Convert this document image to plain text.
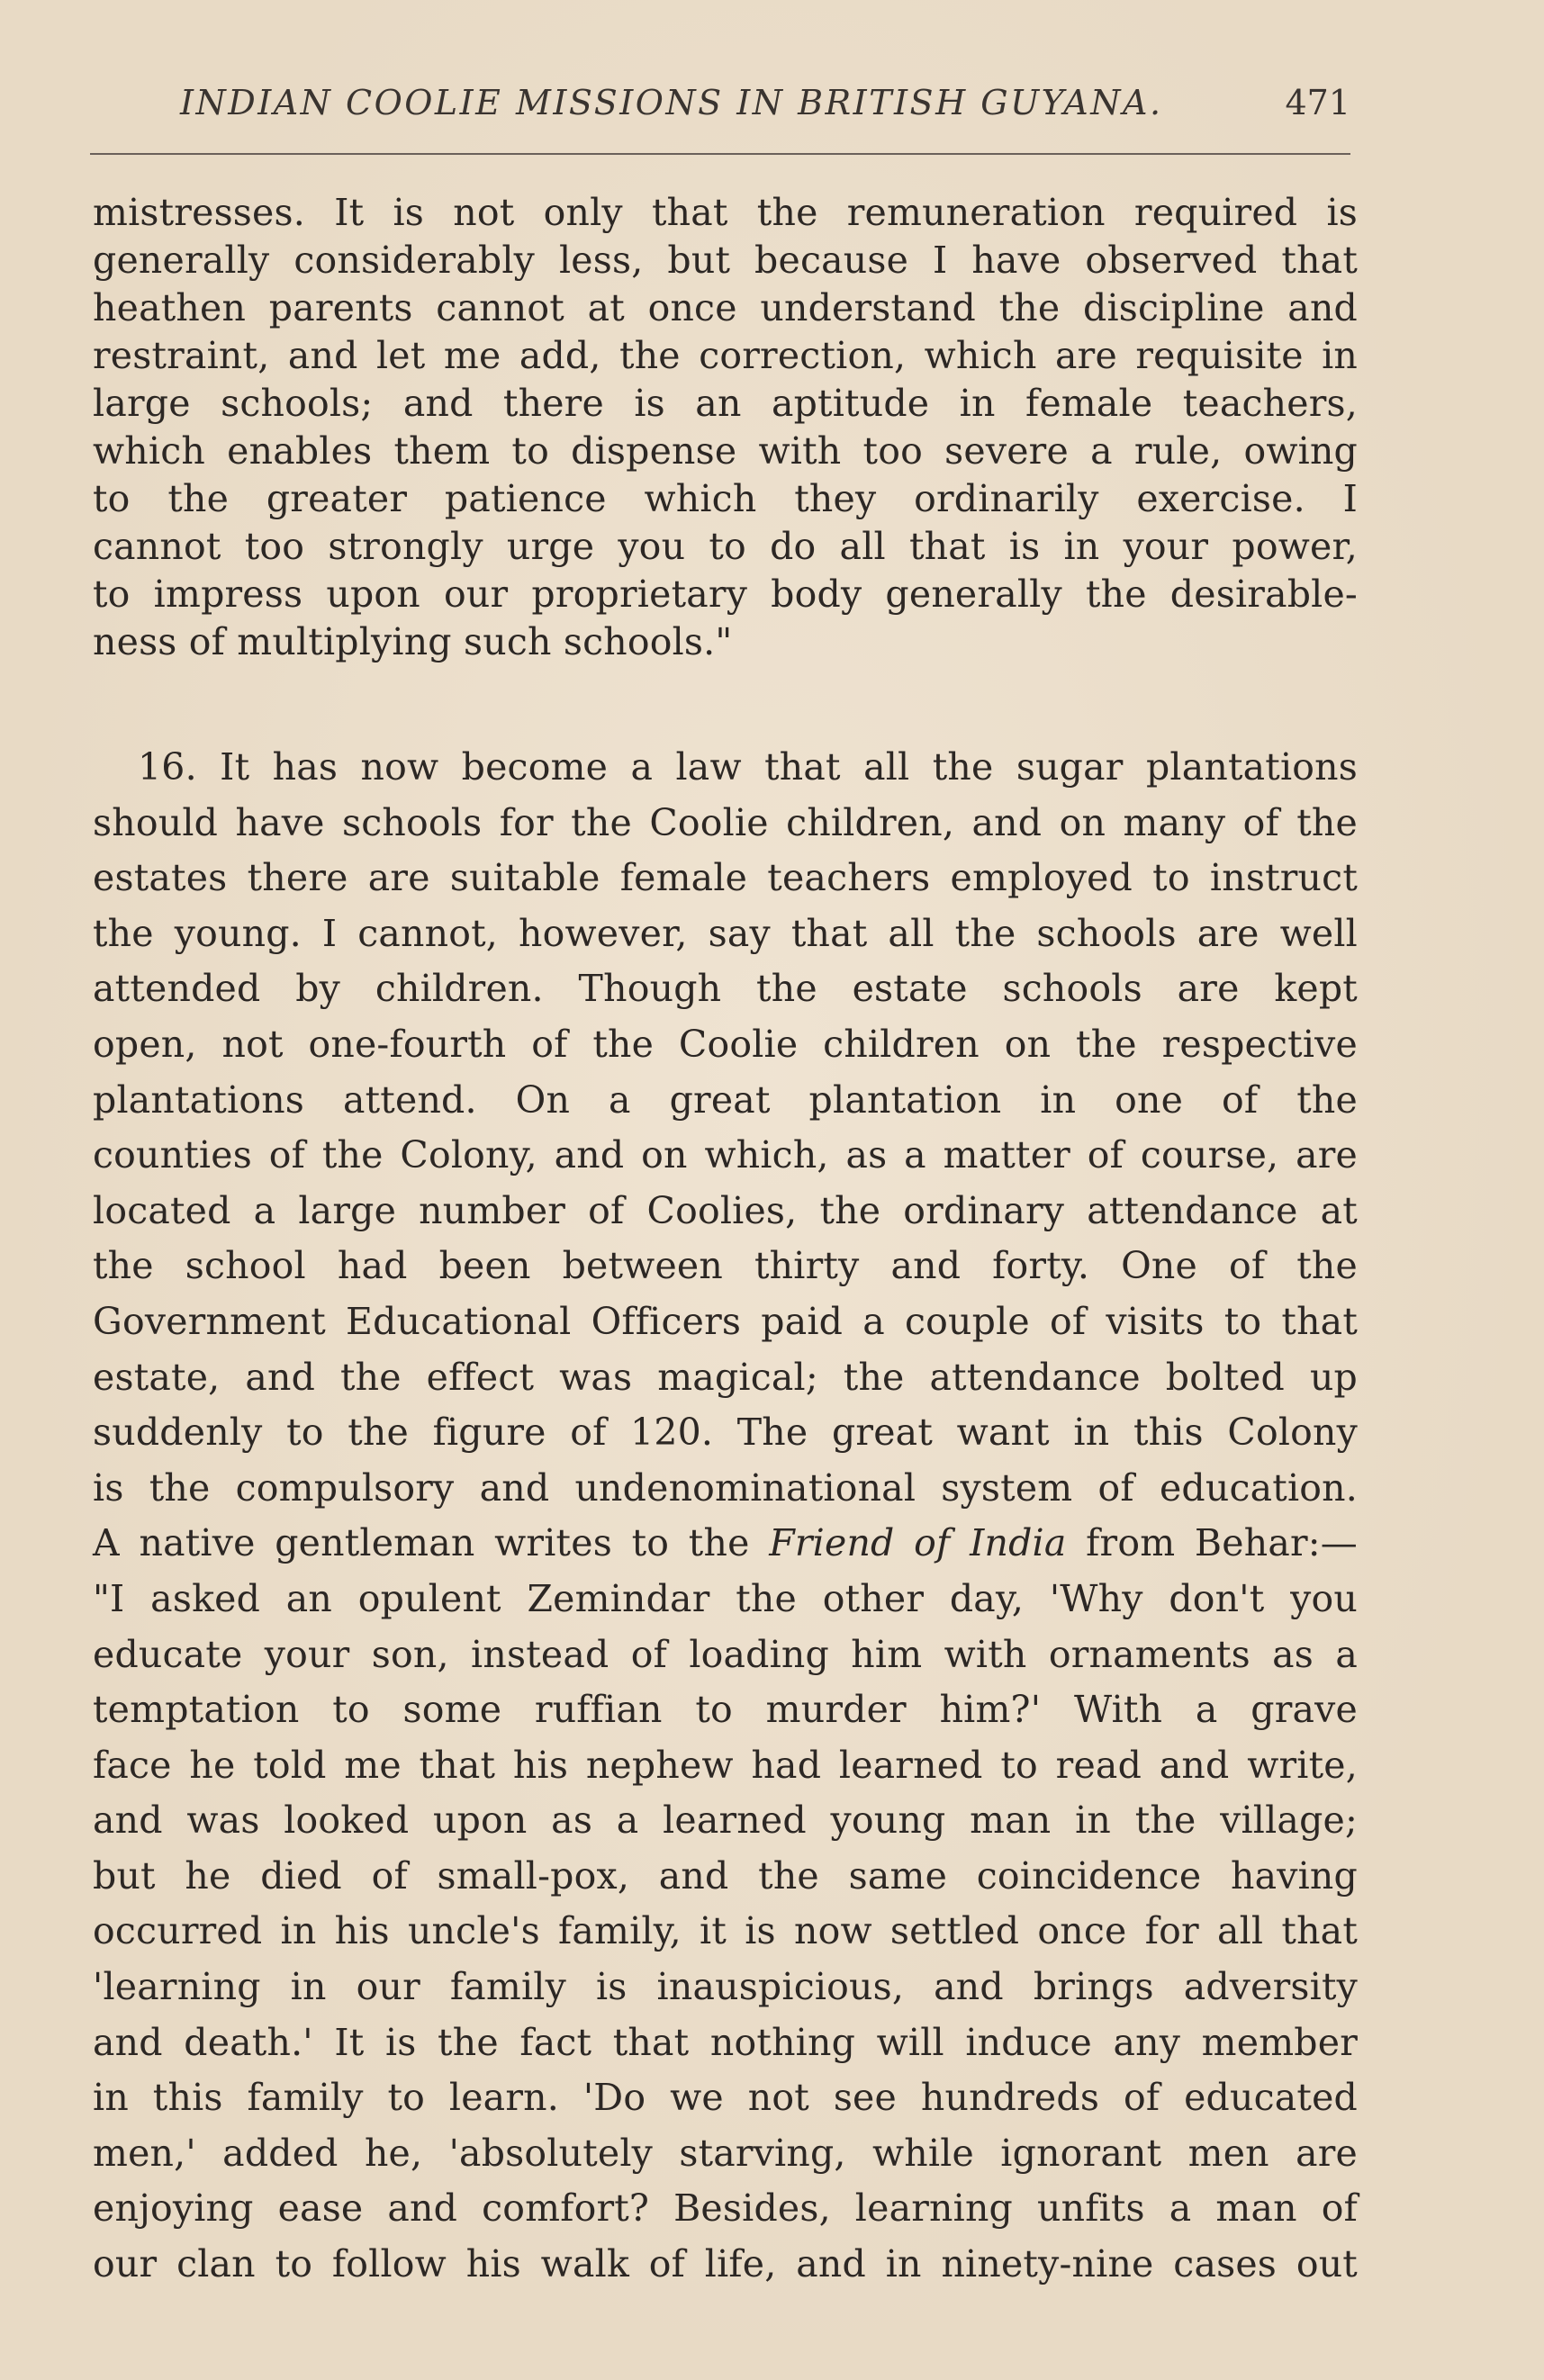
INDIAN COOLIE MISSIONS IN BRITISH GUYANA.	471
mistresses. It is not only that the remuneration required is
generally considerably less, but because I have observed that
heathen parents cannot at once understand the discipline and
restraint, and let me add, the correction, which are requisite in
large schools; and there is an aptitude in female teachers,
which enables them to dispense with too severe a rule, owing
to the greater patience which they ordinarily exercise. I
cannot too strongly urge you to do all that is in your power,
to impress upon our proprietary body generally the desirable-
ness of multiplying such schools."
16. It has now become a law that all the sugar plantations
should have schools for the Coolie children, and on many of the
estates there are suitable female teachers employed to instruct
the young. I cannot, however, say that all the schools are well
attended by children. Though the estate schools are kept
open, not one-fourth of the Coolie children on the respective
plantations attend. On a great plantation in one of the
counties of the Colony, and on which, as a matter of course, are
located a large number of Coolies, the ordinary attendance at
the school had been between thirty and forty. One of the
Government Educational Officers paid a couple of visits to that
estate, and the effect was magical; the attendance bolted up
suddenly to the figure of 120. The great want in this Colony
is the compulsory and undenominational system of education.
A native gentleman writes to the Friend of India from Behar:—
"I asked an opulent Zemindar the other day, 'Why don't you
educate your son, instead of loading him with ornaments as a
temptation to some ruffian to murder him?' With a grave
face he told me that his nephew had learned to read and write,
and was looked upon as a learned young man in the village;
but he died of small-pox, and the same coincidence having
occurred in his uncle's family, it is now settled once for all that
'learning in our family is inauspicious, and brings adversity
and death.' It is the fact that nothing will induce any member
in this family to learn. 'Do we not see hundreds of educated
men,' added he, 'absolutely starving, while ignorant men are
enjoying ease and comfort? Besides, learning unfits a man of
our clan to follow his walk of life, and in ninety-nine cases out
